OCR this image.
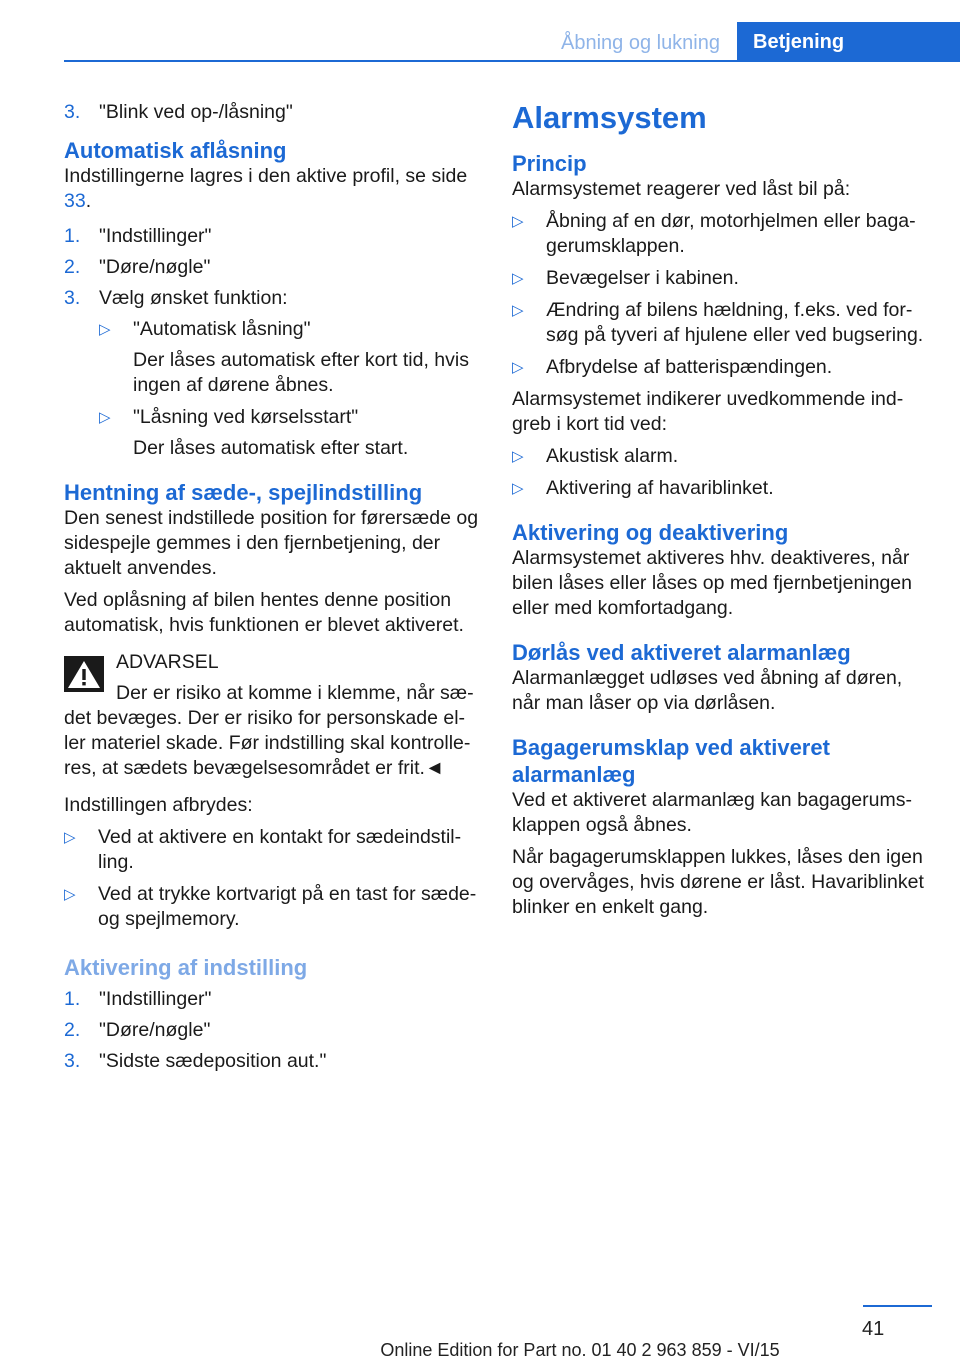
Åbning og lukning	Betjening
3. "Blink ved op-/låsning"
Automatisk aflåsning
Indstillingerne lagres i den aktive profil, se side 33.
1. "Indstillinger"
2. "Døre/nøgle"
3. Vælg ønsket funktion:
▷ "Automatisk låsning"
Der låses automatisk efter kort tid, hvis ingen af dørene åbnes.
▷ "Låsning ved kørselsstart"
Der låses automatisk efter start.
Hentning af sæde-, spejlindstilling
Den senest indstillede position for førersæde og sidespejle gemmes i den fjernbetjening, der aktuelt anvendes.
Ved oplåsning af bilen hentes denne position automatisk, hvis funktionen er blevet aktiveret.
ADVARSEL
Der er risiko at komme i klemme, når sæ-
det bevæges. Der er risiko for personskade el-ler materiel skade. Før indstilling skal kontrolle-res, at sædets bevægelsesområdet er frit.◄
Indstillingen afbrydes:
▷ Ved at aktivere en kontakt for sædeindstil-ling.
▷ Ved at trykke kortvarigt på en tast for sæde- og spejlmemory.
Aktivering af indstilling
1. "Indstillinger"
2. "Døre/nøgle"
3. "Sidste sædeposition aut."
Alarmsystem
Princip
Alarmsystemet reagerer ved låst bil på:
▷ Åbning af en dør, motorhjelmen eller baga-gerumsklappen.
▷ Bevægelser i kabinen.
▷ Ændring af bilens hældning, f.eks. ved for-søg på tyveri af hjulene eller ved bugsering.
▷ Afbrydelse af batterispændingen.
Alarmsystemet indikerer uvedkommende ind-greb i kort tid ved:
▷ Akustisk alarm.
▷ Aktivering af havariblinket.
Aktivering og deaktivering
Alarmsystemet aktiveres hhv. deaktiveres, når bilen låses eller låses op med fjernbetjeningen eller med komfortadgang.
Dørlås ved aktiveret alarmanlæg
Alarmanlægget udløses ved åbning af døren, når man låser op via dørlåsen.
Bagagerumsklap ved aktiveret alarmanlæg
Ved et aktiveret alarmanlæg kan bagagerums-klappen også åbnes.
Når bagagerumsklappen lukkes, låses den igen og overvåges, hvis dørene er låst. Havariblinket blinker en enkelt gang.
41
Online Edition for Part no. 01 40 2 963 859 - VI/15
